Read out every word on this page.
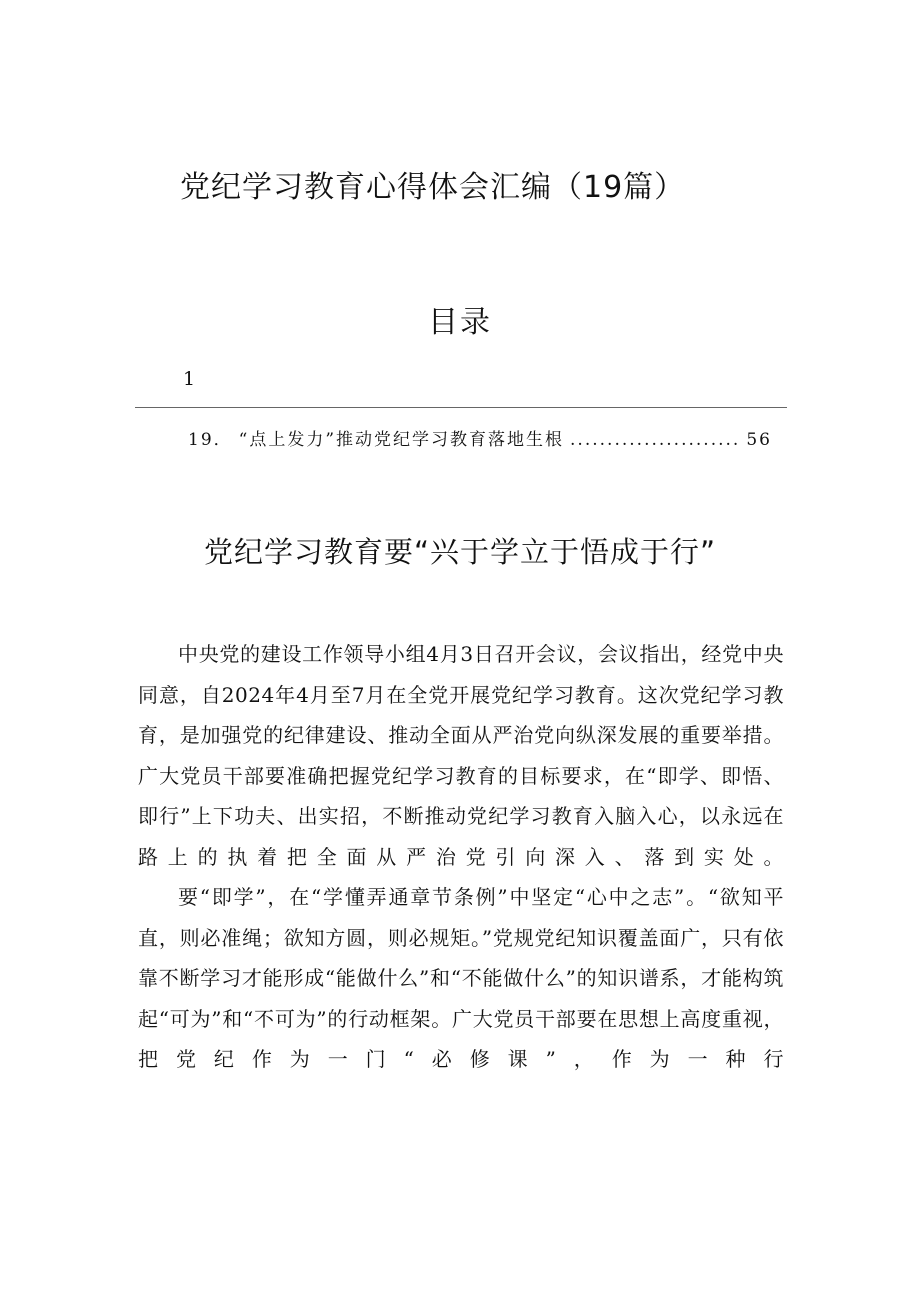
党纪学习教育心得体会汇编（19篇）
目录
1
19． “点上发力”推动党纪学习教育落地生根
.....	56
党纪学习教育要“兴于学立于悟成于行”

中央党的建设工作领导小组4月3日召开会议，会议指出，经党中央同意，自2024年4月至7月在全党开展党纪学习教育。这次党纪学习教育，是加强党的纪律建设、推动全面从严治党向纵深发展的重要举措。广大党员干部要准确把握党纪学习教育的目标要求，在“即学、即悟、即行”上下功夫、出实招，不断推动党纪学习教育入脑入心，以永远在路上的执着把全面从严治党引向深入、落到实处。

要“即学”，在“学懂弄通章节条例”中坚定“心中之志”。“欲知平直，则必准绳；欲知方圆，则必规矩。”党规党纪知识覆盖面广，只有依靠不断学习才能形成“能做什么”和“不能做什么”的知识谱系，才能构筑起“可为”和“不可为”的行动框架。广大党员干部要在思想上高度重视，把党纪作为一门“必修课”，作为一种行
